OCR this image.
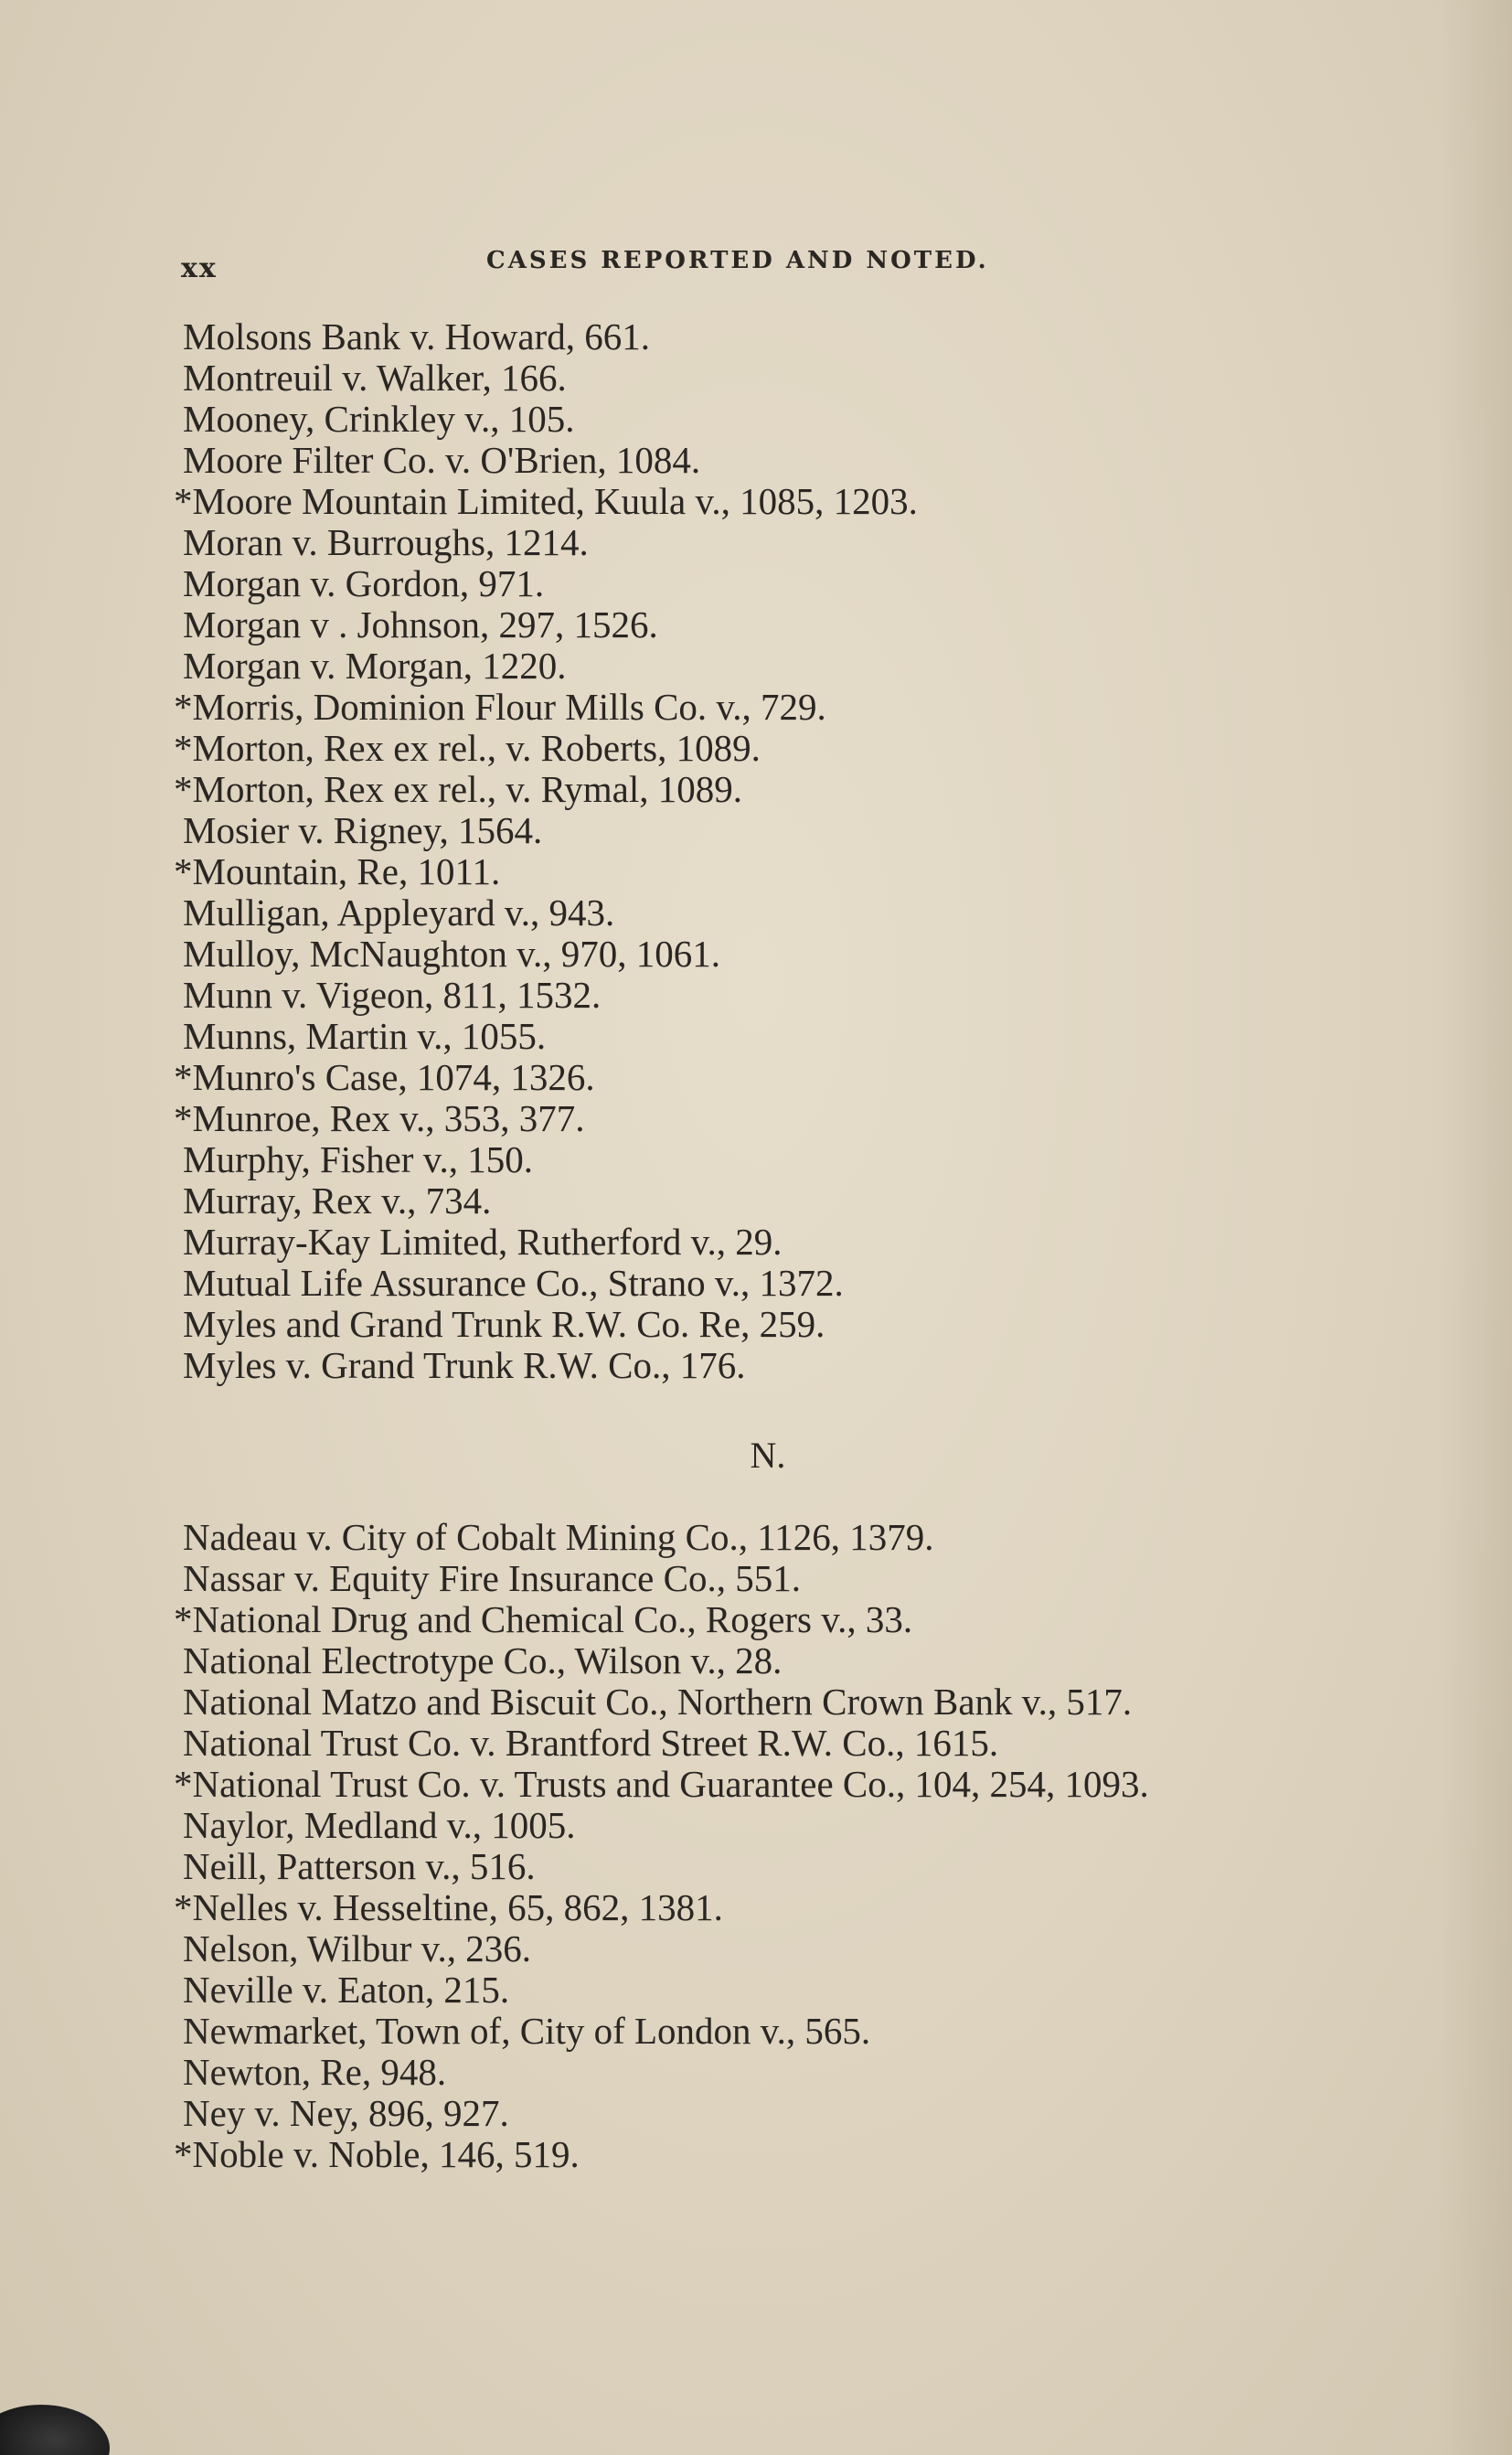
xx	CASES REPORTED AND NOTED.
Molsons Bank v. Howard, 661.
Montreuil v. Walker, 166.
Mooney, Crinkley v., 105.
Moore Filter Co. v. O'Brien, 1084.
*Moore Mountain Limited, Kuula v., 1085, 1203.
Moran v. Burroughs, 1214.
Morgan v. Gordon, 971.
Morgan v . Johnson, 297, 1526.
Morgan v. Morgan, 1220.
*Morris, Dominion Flour Mills Co. v., 729.
*Morton, Rex ex rel., v. Roberts, 1089.
*Morton, Rex ex rel., v. Rymal, 1089.
Mosier v. Rigney, 1564.
*Mountain, Re, 1011.
Mulligan, Appleyard v., 943.
Mulloy, McNaughton v., 970, 1061.
Munn v. Vigeon, 811, 1532.
Munns, Martin v., 1055.
*Munro's Case, 1074, 1326.
*Munroe, Rex v., 353, 377.
Murphy, Fisher v., 150.
Murray, Rex v., 734.
Murray-Kay Limited, Rutherford v., 29.
Mutual Life Assurance Co., Strano v., 1372.
Myles and Grand Trunk R.W. Co. Re, 259.
Myles v. Grand Trunk R.W. Co., 176.
N.
Nadeau v. City of Cobalt Mining Co., 1126, 1379.
Nassar v. Equity Fire Insurance Co., 551.
*National Drug and Chemical Co., Rogers v., 33.
National Electrotype Co., Wilson v., 28.
National Matzo and Biscuit Co., Northern Crown Bank v., 517.
National Trust Co. v. Brantford Street R.W. Co., 1615.
*National Trust Co. v. Trusts and Guarantee Co., 104, 254, 1093.
Naylor, Medland v., 1005.
Neill, Patterson v., 516.
*Nelles v. Hesseltine, 65, 862, 1381.
Nelson, Wilbur v., 236.
Neville v. Eaton, 215.
Newmarket, Town of, City of London v., 565.
Newton, Re, 948.
Ney v. Ney, 896, 927.
*Noble v. Noble, 146, 519.
